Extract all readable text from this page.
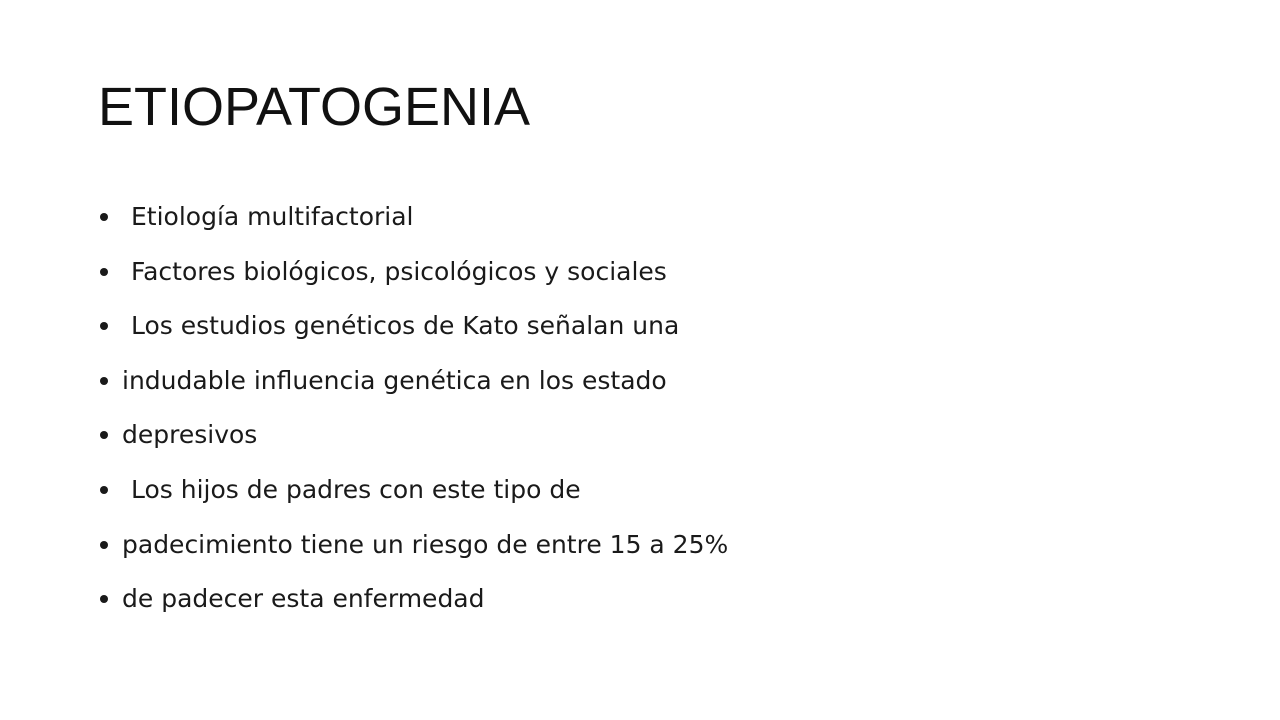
ETIOPATOGENIA
Etiología multifactorial
Factores biológicos, psicológicos y sociales
Los estudios genéticos de Kato señalan una
indudable influencia genética en los estado
depresivos
Los hijos de padres con este tipo de
padecimiento tiene un riesgo de entre 15 a 25%
de padecer esta enfermedad
